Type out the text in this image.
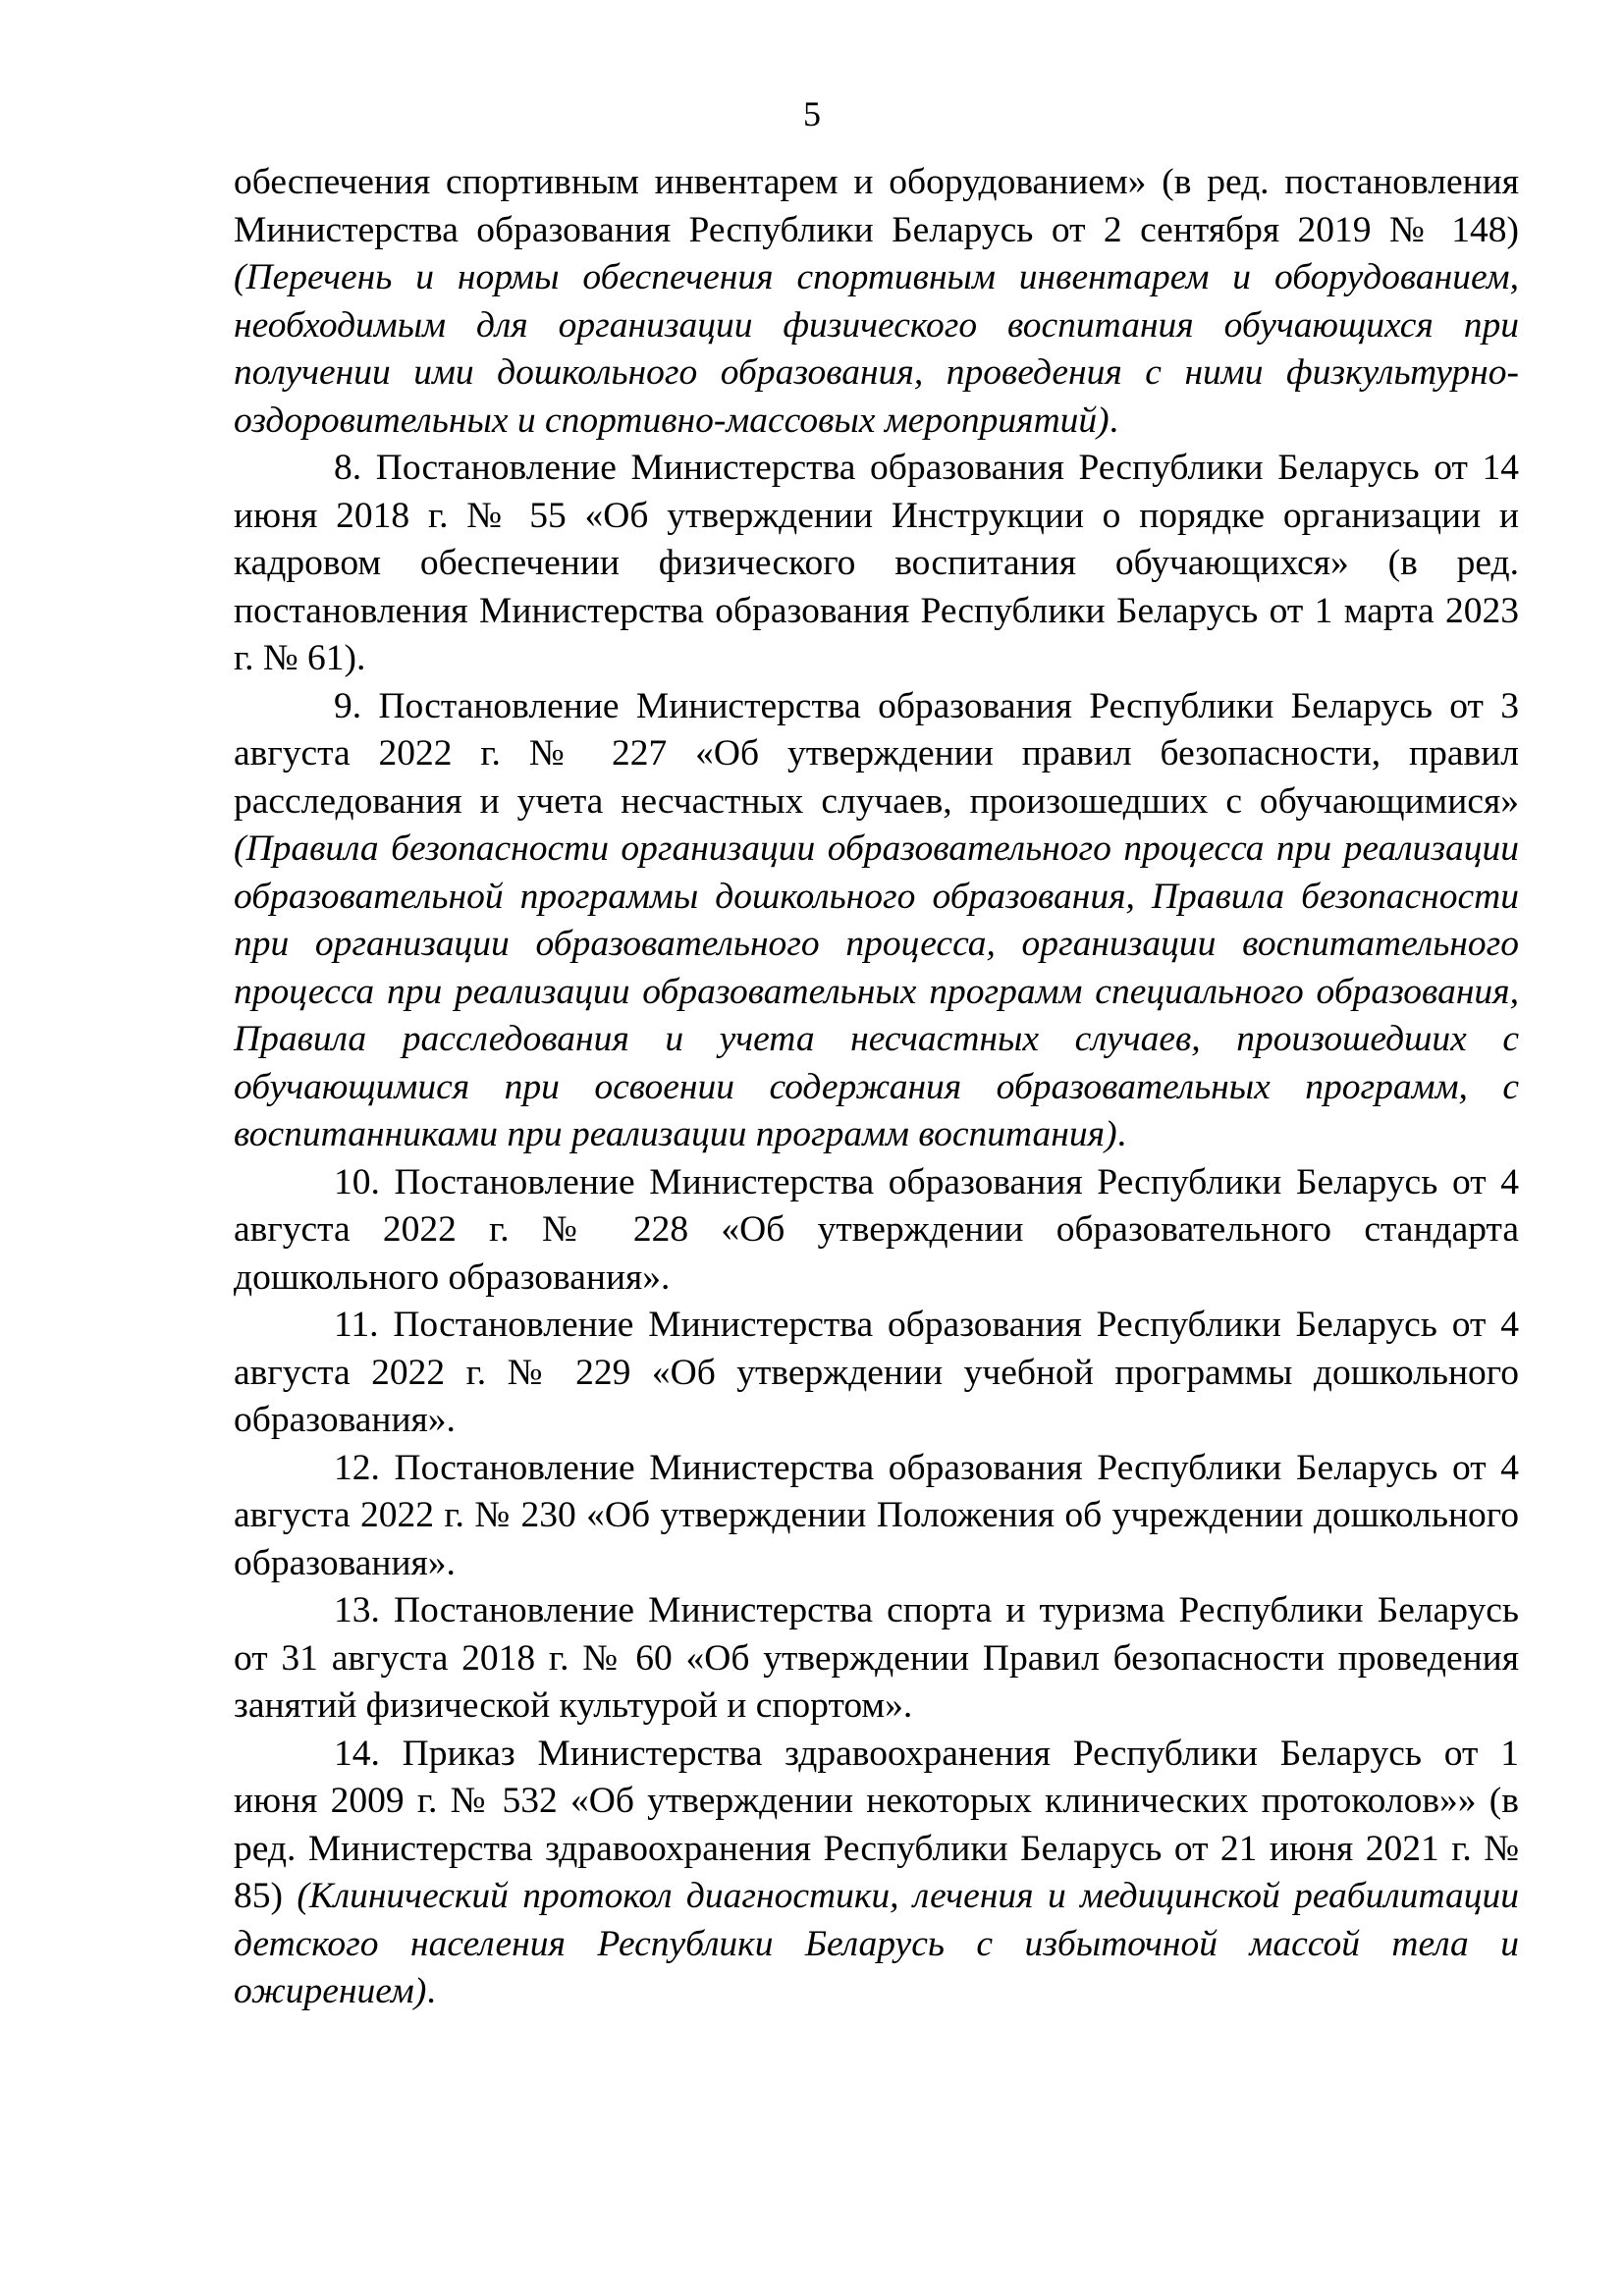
5

обеспечения спортивным инвентарем и оборудованием» (в ред. постановления Министерства образования Республики Беларусь от 2 сентября 2019 № 148) (Перечень и нормы обеспечения спортивным инвентарем и оборудованием, необходимым для организации физического воспитания обучающихся при получении ими дошкольного образования, проведения с ними физкультурно-оздоровительных и спортивно-массовых мероприятий).

8. Постановление Министерства образования Республики Беларусь от 14 июня 2018 г. № 55 «Об утверждении Инструкции о порядке организации и кадровом обеспечении физического воспитания обучающихся» (в ред. постановления Министерства образования Республики Беларусь от 1 марта 2023 г. № 61).

9. Постановление Министерства образования Республики Беларусь от 3 августа 2022 г. № 227 «Об утверждении правил безопасности, правил расследования и учета несчастных случаев, произошедших с обучающимися» (Правила безопасности организации образовательного процесса при реализации образовательной программы дошкольного образования, Правила безопасности при организации образовательного процесса, организации воспитательного процесса при реализации образовательных программ специального образования, Правила расследования и учета несчастных случаев, произошедших с обучающимися при освоении содержания образовательных программ, с воспитанниками при реализации программ воспитания).

10. Постановление Министерства образования Республики Беларусь от 4 августа 2022 г. № 228 «Об утверждении образовательного стандарта дошкольного образования».

11. Постановление Министерства образования Республики Беларусь от 4 августа 2022 г. № 229 «Об утверждении учебной программы дошкольного образования».

12. Постановление Министерства образования Республики Беларусь от 4 августа 2022 г. № 230 «Об утверждении Положения об учреждении дошкольного образования».

13. Постановление Министерства спорта и туризма Республики Беларусь от 31 августа 2018 г. № 60 «Об утверждении Правил безопасности проведения занятий физической культурой и спортом».

14. Приказ Министерства здравоохранения Республики Беларусь от 1 июня 2009 г. № 532 «Об утверждении некоторых клинических протоколов»» (в ред. Министерства здравоохранения Республики Беларусь от 21 июня 2021 г. № 85) (Клинический протокол диагностики, лечения и медицинской реабилитации детского населения Республики Беларусь с избыточной массой тела и ожирением).
